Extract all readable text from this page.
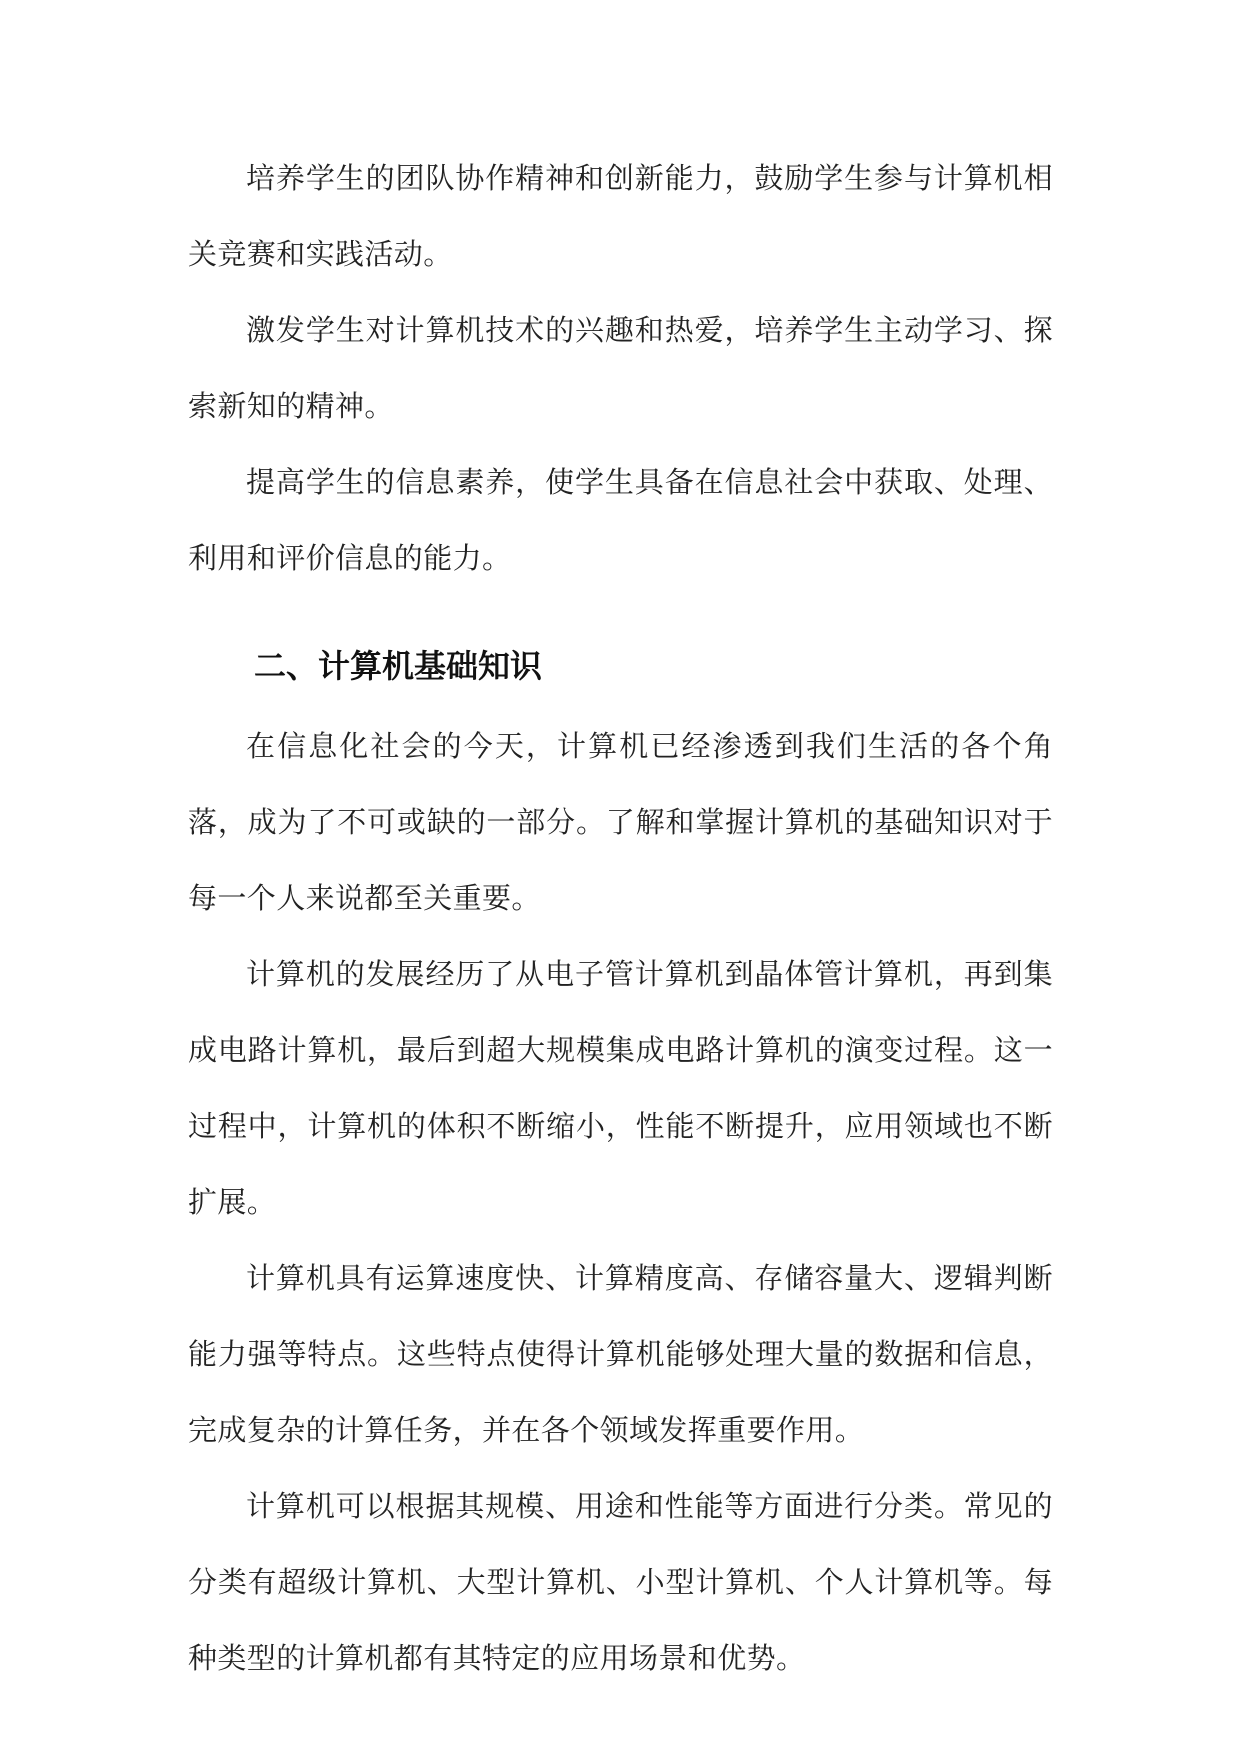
培养学生的团队协作精神和创新能力，鼓励学生参与计算机相关竞赛和实践活动。

激发学生对计算机技术的兴趣和热爱，培养学生主动学习、探索新知的精神。

提高学生的信息素养，使学生具备在信息社会中获取、处理、利用和评价信息的能力。

二、计算机基础知识

在信息化社会的今天，计算机已经渗透到我们生活的各个角落，成为了不可或缺的一部分。了解和掌握计算机的基础知识对于每一个人来说都至关重要。

计算机的发展经历了从电子管计算机到晶体管计算机，再到集成电路计算机，最后到超大规模集成电路计算机的演变过程。这一过程中，计算机的体积不断缩小，性能不断提升，应用领域也不断扩展。

计算机具有运算速度快、计算精度高、存储容量大、逻辑判断能力强等特点。这些特点使得计算机能够处理大量的数据和信息，完成复杂的计算任务，并在各个领域发挥重要作用。

计算机可以根据其规模、用途和性能等方面进行分类。常见的分类有超级计算机、大型计算机、小型计算机、个人计算机等。每种类型的计算机都有其特定的应用场景和优势。
